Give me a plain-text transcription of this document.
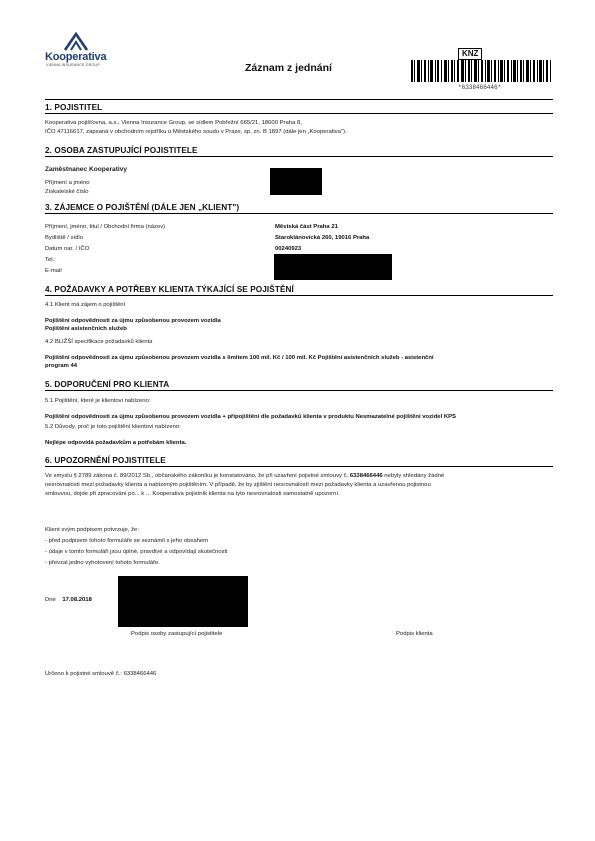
Kooperativa
VIENNA INSURANCE GROUP	Záznam z jednání
KNZ
*6338466446*
1. POJISTITEL
Kooperativa pojišťovna, a.s., Vienna Insurance Group, se sídlem Pobřežní 665/21, 18600 Praha 8,
IČO 47116617, zapsaná v obchodním rejstříku u Městského soudu v Praze, sp. zn. B 1897 (dále jen „Kooperativa").
2. OSOBA ZASTUPUJÍCÍ POJISTITELE
Zaměstnanec Kooperativy
Příjmení a jméno
Získatelské číslo
3. ZÁJEMCE O POJIŠTĚNÍ (DÁLE JEN „KLIENT")
Příjmení, jméno, titul / Obchodní firma (název)
Bydliště / sídlo
Datum nar. / IČO
Tel.:
E-mail
Městská část Praha 21
Staroklánovická 260, 19016 Praha
00240923
4. POŽADAVKY A POTŘEBY KLIENTA TÝKAJÍCÍ SE POJIŠTĚNÍ
4.1 Klient má zájem o pojištění
Pojištění odpovědnosti za újmu způsobenou provozem vozidla
Pojištění asistenčních služeb
4.2 BLIŽŠÍ specifikace požadavků klienta
Pojištění odpovědnosti za újmu způsobenou provozem vozidla s limitem 100 mil. Kč / 100 mil. Kč Pojištění asistenčních služeb - asistenční
program 44
5. DOPORUČENÍ PRO KLIENTA
5.1 Pojištění, které je klientovi nabízeno:
Pojištění odpovědnosti za újmu způsobenou provozem vozidla + připojištění dle požadavků klienta v produktu Nesmazatelné pojištění vozidel KPS
5.2 Důvody, proč je toto pojištění klientovi nabízeno:
Nejlépe odpovídá požadavkům a potřebám klienta.
6. UPOZORNĚNÍ POJISTITELE
Ve smyslu § 2789 zákona č. 89/2012 Sb., občanského zákoníku je konstatováno, že při uzavření pojistné smlouvy č. 6338466446 nebyly shledány žádné
nesrovnalosti mezi požadavky klienta a nabízeným pojištěním. V případě, že by zjištění nesrovnalostí mezi požadavky klienta a uzavřenou pojistnou
smlouvou, dojde při zpracování po... k ... Kooperativa pojistník klienta na tyto nesrovnalosti samostatně upozorní.
Klient svým podpisem potvrzuje, že:
- před podpisem tohoto formuláře se seznámil s jeho obsahem
- údaje v tomto formuláři jsou úplné, pravdivé a odpovídají skutečnosti
- převzal jedno vyhotovení tohoto formuláře.
Dne 17.08.2018
Podpis osoby zastupující pojistitele	Podpis klienta
Určeno k pojistné smlouvě č.: 6338466446
